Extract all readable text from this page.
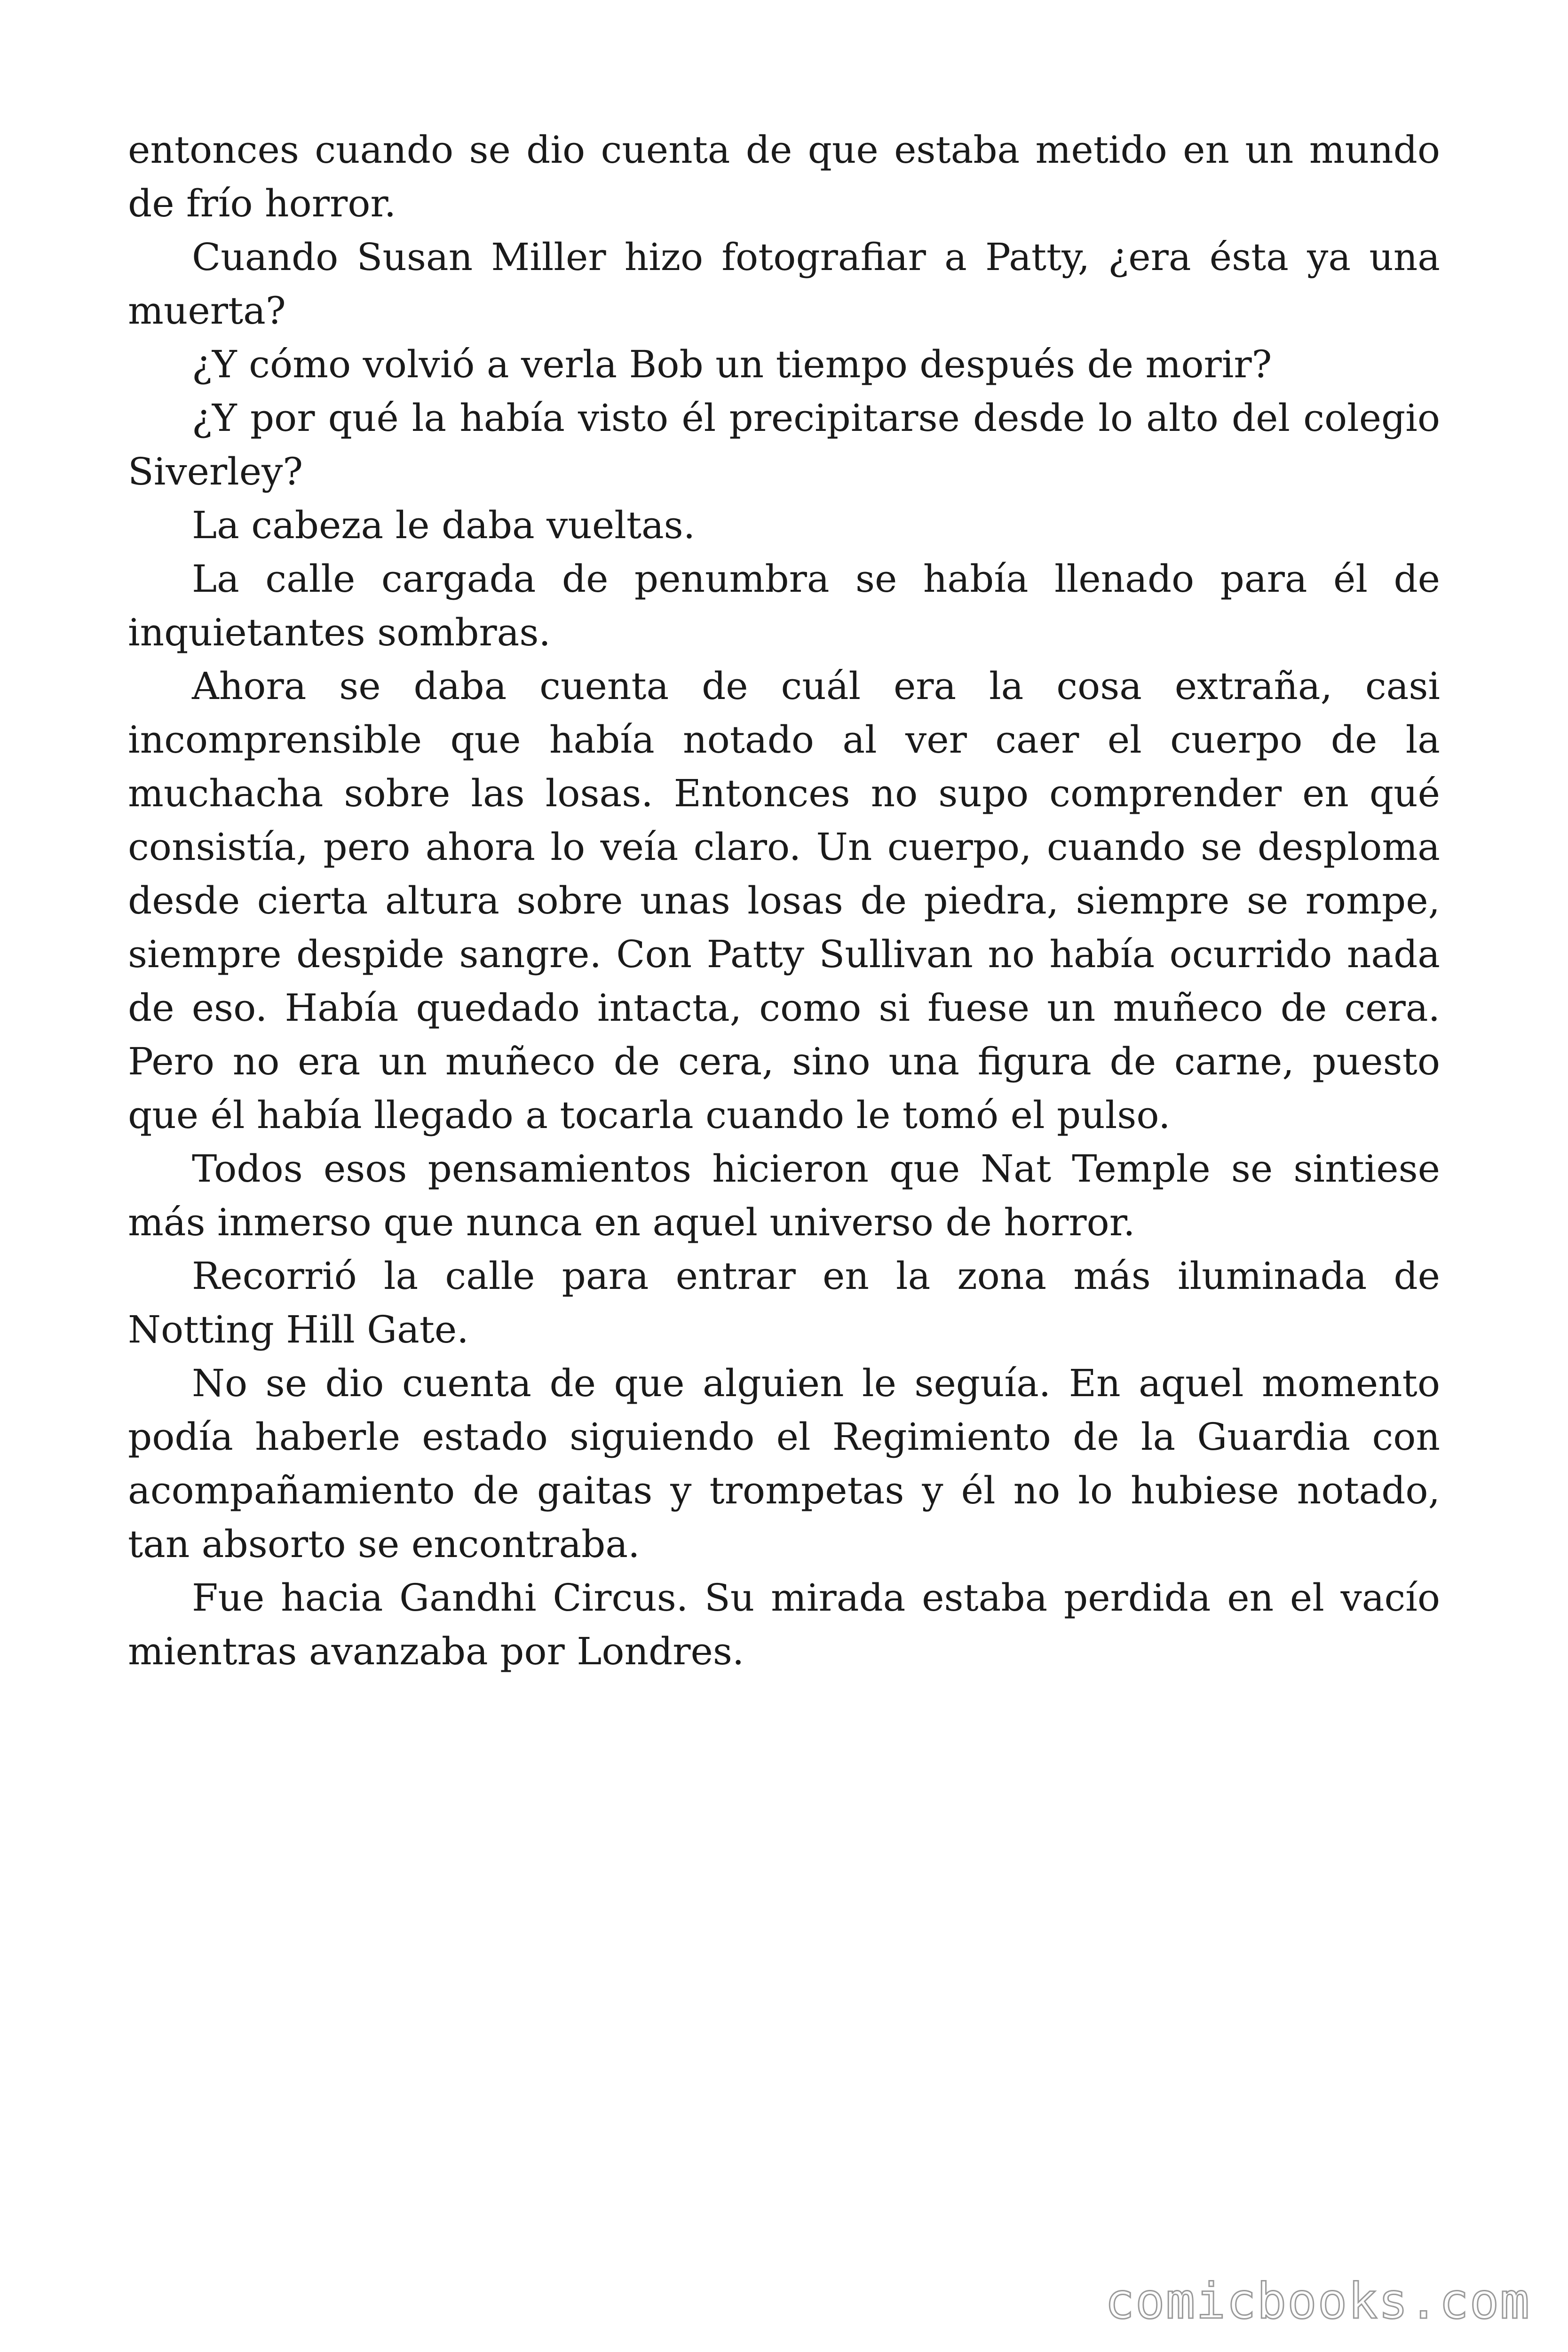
entonces cuando se dio cuenta de que estaba metido en un mundo de frío horror.

Cuando Susan Miller hizo fotografiar a Patty, ¿era ésta ya una muerta?

¿Y cómo volvió a verla Bob un tiempo después de morir?

¿Y por qué la había visto él precipitarse desde lo alto del colegio Siverley?

La cabeza le daba vueltas.

La calle cargada de penumbra se había llenado para él de inquietantes sombras.

Ahora se daba cuenta de cuál era la cosa extraña, casi incomprensible que había notado al ver caer el cuerpo de la muchacha sobre las losas. Entonces no supo comprender en qué consistía, pero ahora lo veía claro. Un cuerpo, cuando se desploma desde cierta altura sobre unas losas de piedra, siempre se rompe, siempre despide sangre. Con Patty Sullivan no había ocurrido nada de eso. Había quedado intacta, como si fuese un muñeco de cera. Pero no era un muñeco de cera, sino una figura de carne, puesto que él había llegado a tocarla cuando le tomó el pulso.

Todos esos pensamientos hicieron que Nat Temple se sintiese más inmerso que nunca en aquel universo de horror.

Recorrió la calle para entrar en la zona más iluminada de Notting Hill Gate.

No se dio cuenta de que alguien le seguía. En aquel momento podía haberle estado siguiendo el Regimiento de la Guardia con acompañamiento de gaitas y trompetas y él no lo hubiese notado, tan absorto se encontraba.

Fue hacia Gandhi Circus. Su mirada estaba perdida en el vacío mientras avanzaba por Londres.

comicbooks.com
